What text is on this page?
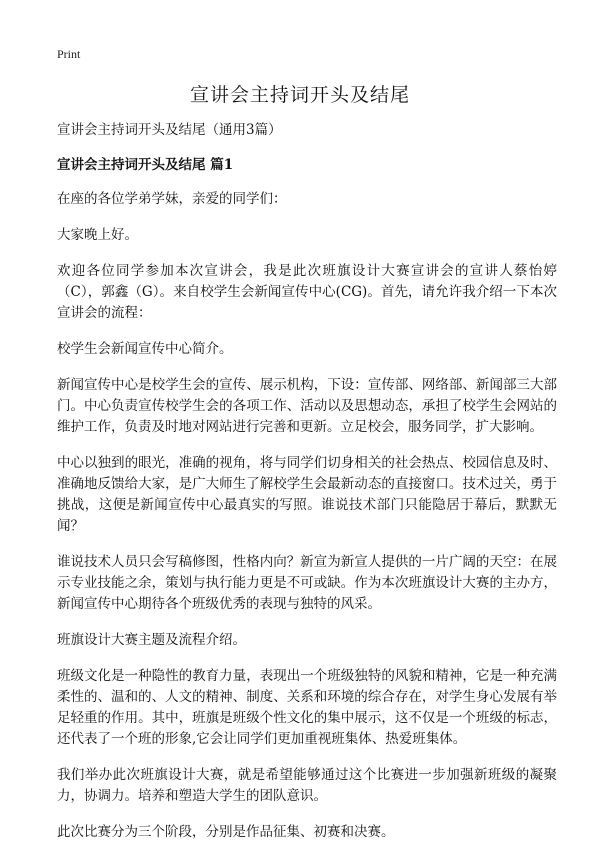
Print
宣讲会主持词开头及结尾

宣讲会主持词开头及结尾（通用3篇）

宣讲会主持词开头及结尾 篇1

在座的各位学弟学妹，亲爱的同学们：

大家晚上好。

欢迎各位同学参加本次宣讲会，我是此次班旗设计大赛宣讲会的宣讲人蔡怡婷（C），郭鑫（G）。来自校学生会新闻宣传中心(CG)。首先，请允许我介绍一下本次宣讲会的流程：

校学生会新闻宣传中心简介。

新闻宣传中心是校学生会的宣传、展示机构，下设：宣传部、网络部、新闻部三大部门。中心负责宣传校学生会的各项工作、活动以及思想动态，承担了校学生会网站的维护工作，负责及时地对网站进行完善和更新。立足校会，服务同学，扩大影响。

中心以独到的眼光，准确的视角，将与同学们切身相关的社会热点、校园信息及时、准确地反馈给大家，是广大师生了解校学生会最新动态的直接窗口。技术过关，勇于挑战，这便是新闻宣传中心最真实的写照。谁说技术部门只能隐居于幕后，默默无闻？

谁说技术人员只会写稿修图，性格内向？新宣为新宣人提供的一片广阔的天空：在展示专业技能之余，策划与执行能力更是不可或缺。作为本次班旗设计大赛的主办方，新闻宣传中心期待各个班级优秀的表现与独特的风采。

班旗设计大赛主题及流程介绍。

班级文化是一种隐性的教育力量，表现出一个班级独特的风貌和精神，它是一种充满柔性的、温和的、人文的精神、制度、关系和环境的综合存在，对学生身心发展有举足轻重的作用。其中，班旗是班级个性文化的集中展示，这不仅是一个班级的标志，还代表了一个班的形象,它会让同学们更加重视班集体、热爱班集体。

我们举办此次班旗设计大赛，就是希望能够通过这个比赛进一步加强新班级的凝聚力，协调力。培养和塑造大学生的团队意识。

此次比赛分为三个阶段，分别是作品征集、初赛和决赛。
